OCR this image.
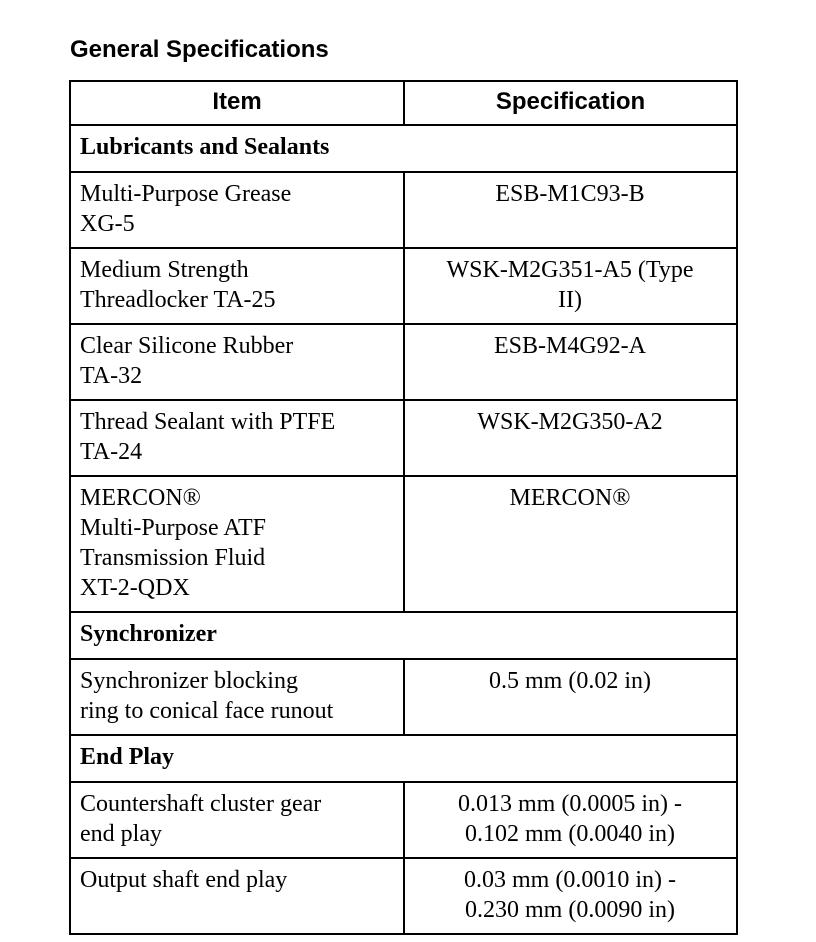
General Specifications
Item	Specification
Lubricants and Sealants	

Multi-Purpose Grease
XG-5	ESB-M1C93-B

Medium Strength
Threadlocker TA-25	WSK-M2G351-A5 (Type
II)

Clear Silicone Rubber
TA-32	ESB-M4G92-A

Thread Sealant with PTFE
TA-24	WSK-M2G350-A2

MERCON®
Multi-Purpose ATF
Transmission Fluid
XT-2-QDX	MERCON®

Synchronizer	

Synchronizer blocking
ring to conical face runout	0.5 mm (0.02 in)

End Play	

Countershaft cluster gear
end play	0.013 mm (0.0005 in) -
0.102 mm (0.0040 in)

Output shaft end play	0.03 mm (0.0010 in) -
0.230 mm (0.0090 in)
